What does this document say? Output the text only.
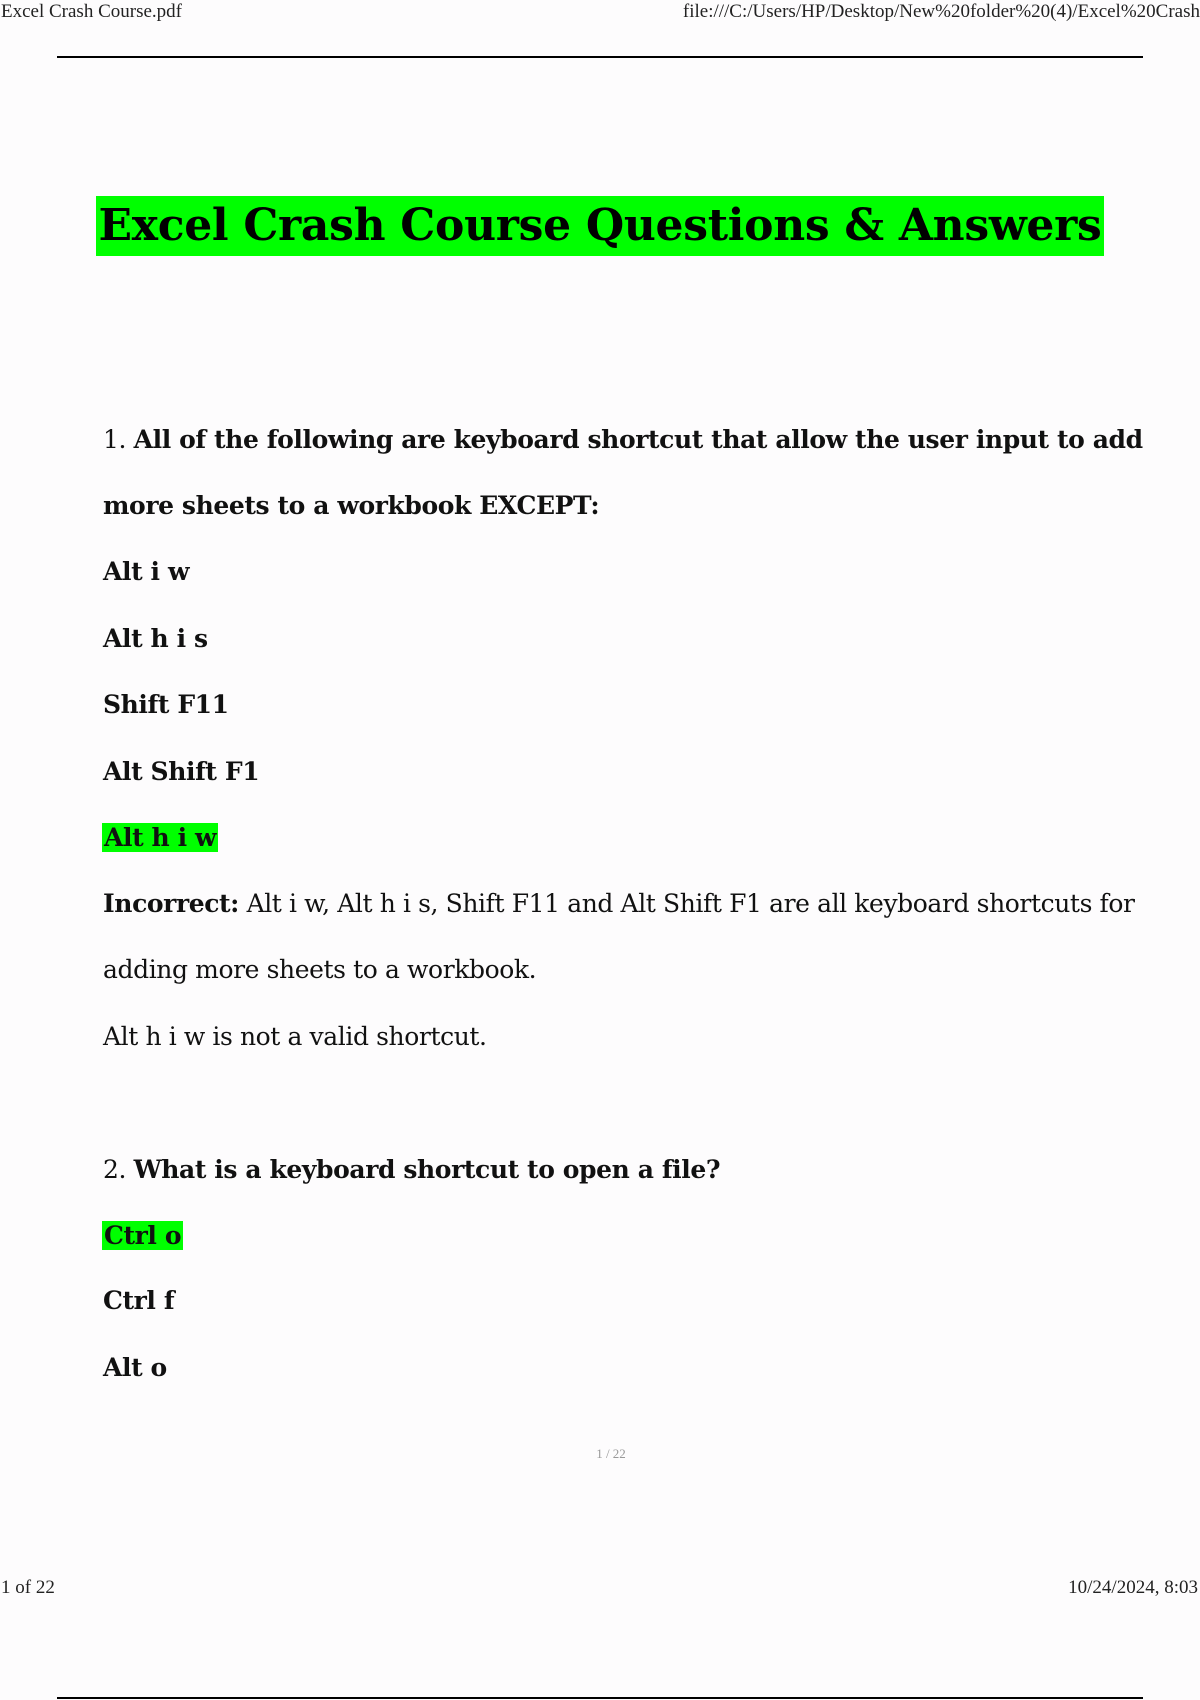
Excel Crash Course.pdf	file:///C:/Users/HP/Desktop/New%20folder%20(4)/Excel%20Crash
Excel Crash Course Questions & Answers
1. All of the following are keyboard shortcut that allow the user input to add
more sheets to a workbook EXCEPT:
Alt i w
Alt h i s
Shift F11
Alt Shift F1
Alt h i w
Incorrect: Alt i w, Alt h i s, Shift F11 and Alt Shift F1 are all keyboard shortcuts for
adding more sheets to a workbook.
Alt h i w is not a valid shortcut.
2. What is a keyboard shortcut to open a file?
Ctrl o
Ctrl f
Alt o
1 / 22
1 of 22	10/24/2024, 8:03
